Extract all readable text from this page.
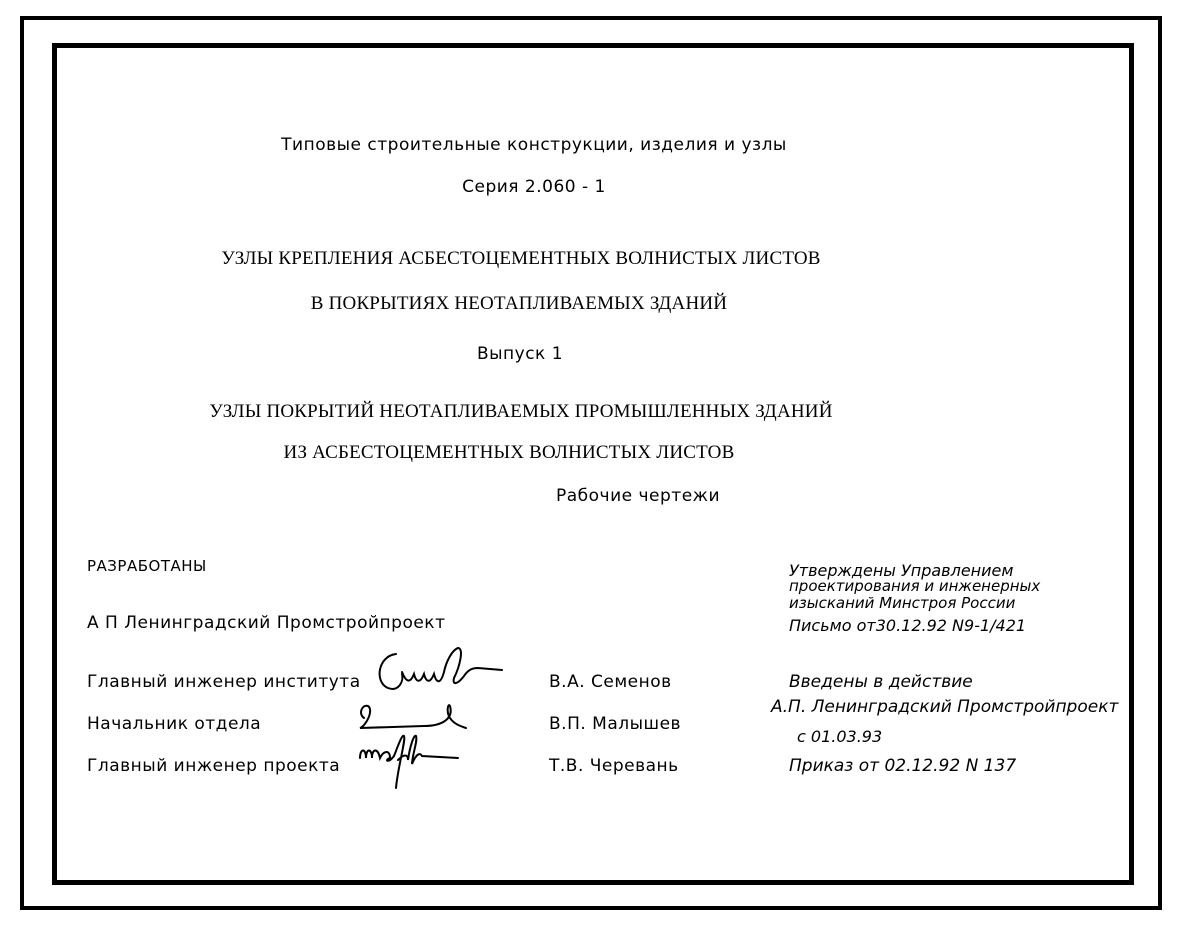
Типовые строительные конструкции, изделия и узлы
Серия 2.060 - 1
УЗЛЫ КРЕПЛЕНИЯ АСБЕСТОЦЕМЕНТНЫХ ВОЛНИСТЫХ ЛИСТОВ
В ПОКРЫТИЯХ НЕОТАПЛИВАЕМЫХ ЗДАНИЙ
Выпуск 1
УЗЛЫ ПОКРЫТИЙ НЕОТАПЛИВАЕМЫХ ПРОМЫШЛЕННЫХ ЗДАНИЙ
ИЗ АСБЕСТОЦЕМЕНТНЫХ ВОЛНИСТЫХ ЛИСТОВ
Рабочие чертежи
РАЗРАБОТАНЫ
А П Ленинградский Промстройпроект
Главный инженер института
Начальник отдела
Главный инженер проекта
В.А. Семенов
В.П. Малышев
Т.В. Черевань
Утверждены Управлением
проектирования и инженерных
изысканий Минстроя России
Письмо от30.12.92 N9-1/421
Введены в действие
А.П. Ленинградский Промстройпроект
с 01.03.93
Приказ от 02.12.92 N 137
